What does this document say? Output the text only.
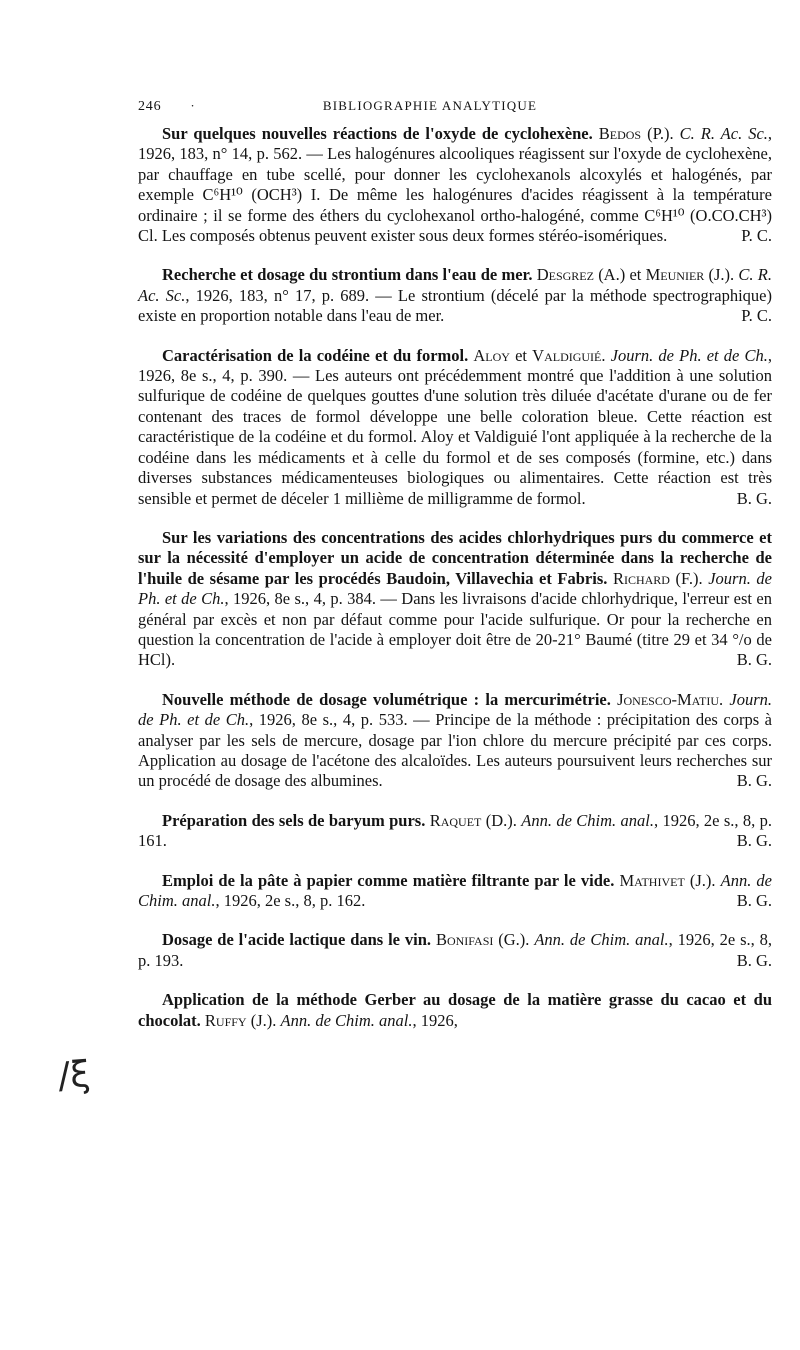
246	·	BIBLIOGRAPHIE ANALYTIQUE

Sur quelques nouvelles réactions de l'oxyde de cyclohexène. Bedos (P.). C. R. Ac. Sc., 1926, 183, n° 14, p. 562. — Les halogénures alcooliques réagissent sur l'oxyde de cyclohexène, par chauffage en tube scellé, pour donner les cyclohexanols alcoxylés et halogénés, par exemple C⁶H¹⁰ (OCH³) I. De même les halogénures d'acides réagissent à la température ordinaire ; il se forme des éthers du cyclohexanol ortho-halogéné, comme C⁶H¹⁰ (O.CO.CH³) Cl. Les composés obtenus peuvent exister sous deux formes stéréo-isomériques.	P. C.

Recherche et dosage du strontium dans l'eau de mer. Desgrez (A.) et Meunier (J.). C. R. Ac. Sc., 1926, 183, n° 17, p. 689. — Le strontium (décelé par la méthode spectrographique) existe en proportion notable dans l'eau de mer.	P. C.

Caractérisation de la codéine et du formol. Aloy et Valdiguié. Journ. de Ph. et de Ch., 1926, 8e s., 4, p. 390. — Les auteurs ont précédemment montré que l'addition à une solution sulfurique de codéine de quelques gouttes d'une solution très diluée d'acétate d'urane ou de fer contenant des traces de formol développe une belle coloration bleue. Cette réaction est caractéristique de la codéine et du formol. Aloy et Valdiguié l'ont appliquée à la recherche de la codéine dans les médicaments et à celle du formol et de ses composés (formine, etc.) dans diverses substances médicamenteuses biologiques ou alimentaires. Cette réaction est très sensible et permet de déceler 1 millième de milligramme de formol.	B. G.

Sur les variations des concentrations des acides chlorhydriques purs du commerce et sur la nécessité d'employer un acide de concentration déterminée dans la recherche de l'huile de sésame par les procédés Baudoin, Villavechia et Fabris. Richard (F.). Journ. de Ph. et de Ch., 1926, 8e s., 4, p. 384. — Dans les livraisons d'acide chlorhydrique, l'erreur est en général par excès et non par défaut comme pour l'acide sulfurique. Or pour la recherche en question la concentration de l'acide à employer doit être de 20-21° Baumé (titre 29 et 34 °/o de HCl).	B. G.

Nouvelle méthode de dosage volumétrique : la mercurimétrie. Jonesco-Matiu. Journ. de Ph. et de Ch., 1926, 8e s., 4, p. 533. — Principe de la méthode : précipitation des corps à analyser par les sels de mercure, dosage par l'ion chlore du mercure précipité par ces corps. Application au dosage de l'acétone des alcaloïdes. Les auteurs poursuivent leurs recherches sur un procédé de dosage des albumines.	B. G.

Préparation des sels de baryum purs. Raquet (D.). Ann. de Chim. anal., 1926, 2e s., 8, p. 161.	B. G.

Emploi de la pâte à papier comme matière filtrante par le vide. Mathivet (J.). Ann. de Chim. anal., 1926, 2e s., 8, p. 162.	B. G.

Dosage de l'acide lactique dans le vin. Bonifasi (G.). Ann. de Chim. anal., 1926, 2e s., 8, p. 193.	B. G.

Application de la méthode Gerber au dosage de la matière grasse du cacao et du chocolat. Ruffy (J.). Ann. de Chim. anal., 1926,

/ξ
